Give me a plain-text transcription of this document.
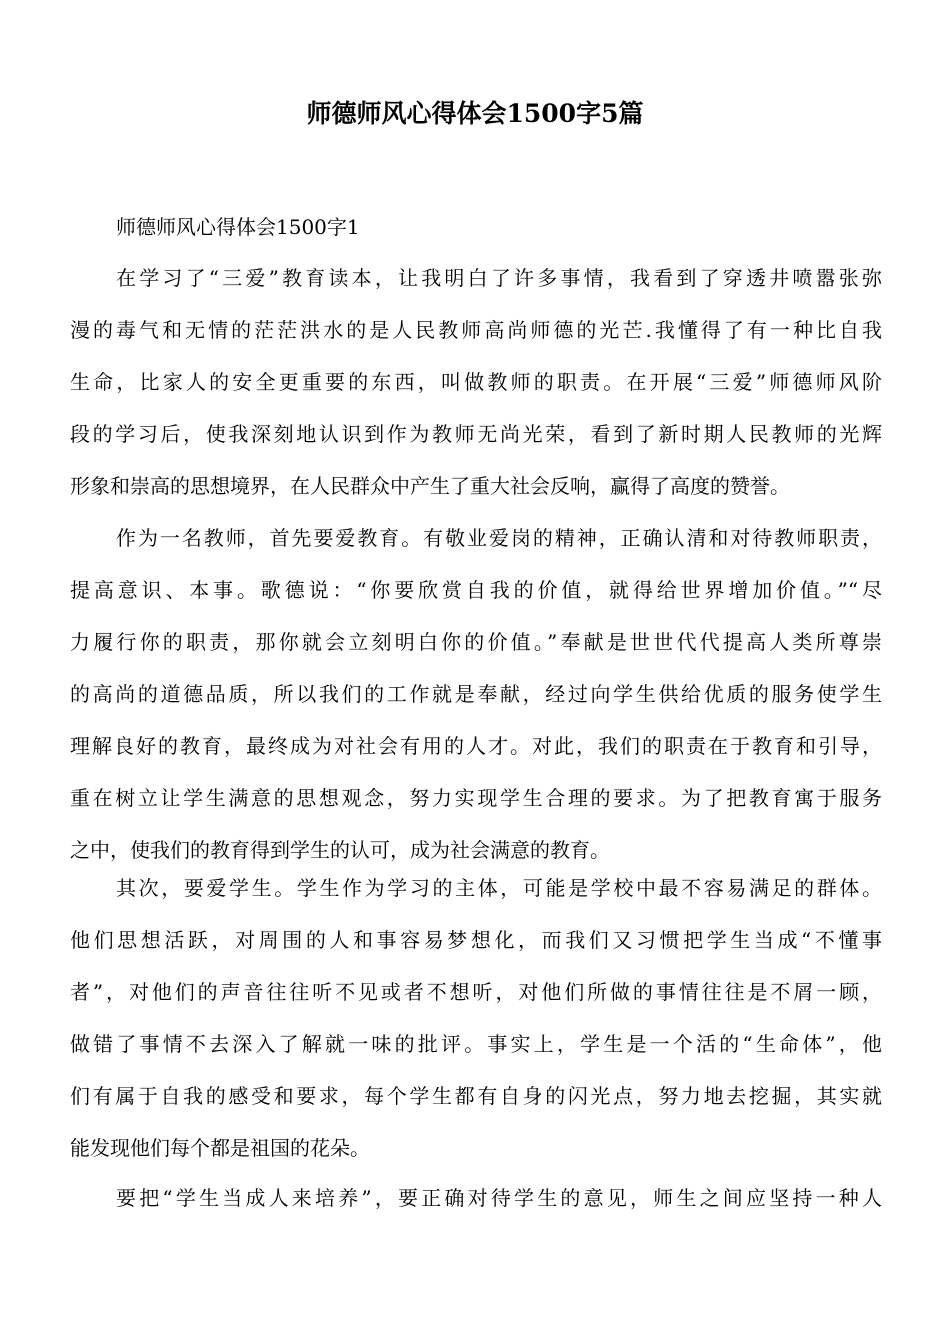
师德师风心得体会1500字5篇

师德师风心得体会1500字1

在学习了“三爱”教育读本，让我明白了许多事情，我看到了穿透井喷嚣张弥
漫的毒气和无情的茫茫洪水的是人民教师高尚师德的光芒.我懂得了有一种比自我
生命，比家人的安全更重要的东西，叫做教师的职责。在开展“三爱”师德师风阶
段的学习后，使我深刻地认识到作为教师无尚光荣，看到了新时期人民教师的光辉
形象和崇高的思想境界，在人民群众中产生了重大社会反响，赢得了高度的赞誉。
作为一名教师，首先要爱教育。有敬业爱岗的精神，正确认清和对待教师职责，
提高意识、本事。歌德说：“你要欣赏自我的价值，就得给世界增加价值。”“尽
力履行你的职责，那你就会立刻明白你的价值。”奉献是世世代代提高人类所尊崇
的高尚的道德品质，所以我们的工作就是奉献，经过向学生供给优质的服务使学生
理解良好的教育，最终成为对社会有用的人才。对此，我们的职责在于教育和引导，
重在树立让学生满意的思想观念，努力实现学生合理的要求。为了把教育寓于服务
之中，使我们的教育得到学生的认可，成为社会满意的教育。
其次，要爱学生。学生作为学习的主体，可能是学校中最不容易满足的群体。
他们思想活跃，对周围的人和事容易梦想化，而我们又习惯把学生当成“不懂事
者”，对他们的声音往往听不见或者不想听，对他们所做的事情往往是不屑一顾，
做错了事情不去深入了解就一味的批评。事实上，学生是一个活的“生命体”，他
们有属于自我的感受和要求，每个学生都有自身的闪光点，努力地去挖掘，其实就
能发现他们每个都是祖国的花朵。
要把“学生当成人来培养”，要正确对待学生的意见，师生之间应坚持一种人
